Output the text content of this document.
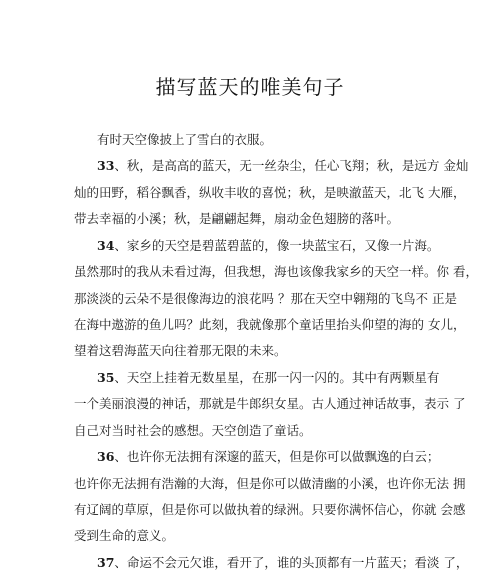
描写蓝天的唯美句子
有时天空像披上了雪白的衣服。
33、秋，是高高的蓝天，无一丝杂尘，任心飞翔；秋，是远方 金灿
灿的田野，稻谷飘香，纵收丰收的喜悦；秋，是映澈蓝天，北飞 大雁，
带去幸福的小溪；秋，是翩翩起舞，扇动金色翅膀的落叶。
34、家乡的天空是碧蓝碧蓝的，像一块蓝宝石，又像一片海。
虽然那时的我从未看过海，但我想，海也该像我家乡的天空一样。你 看，
那淡淡的云朵不是很像海边的浪花吗 ？那在天空中翱翔的飞鸟不 正是
在海中遨游的鱼儿吗？此刻，我就像那个童话里抬头仰望的海的 女儿，
望着这碧海蓝天向往着那无限的未来。
35、天空上挂着无数星星，在那一闪一闪的。其中有两颗星有
一个美丽浪漫的神话，那就是牛郎织女星。古人通过神话故事，表示 了
自己对当时社会的感想。天空创造了童话。
36、也许你无法拥有深邃的蓝天，但是你可以做飘逸的白云；
也许你无法拥有浩瀚的大海，但是你可以做清幽的小溪，也许你无法 拥
有辽阔的草原，但是你可以做执着的绿洲。只要你满怀信心，你就 会感
受到生命的意义。
37、命运不会元欠谁，看开了，谁的头顶都有一片蓝天；看淡 了，
